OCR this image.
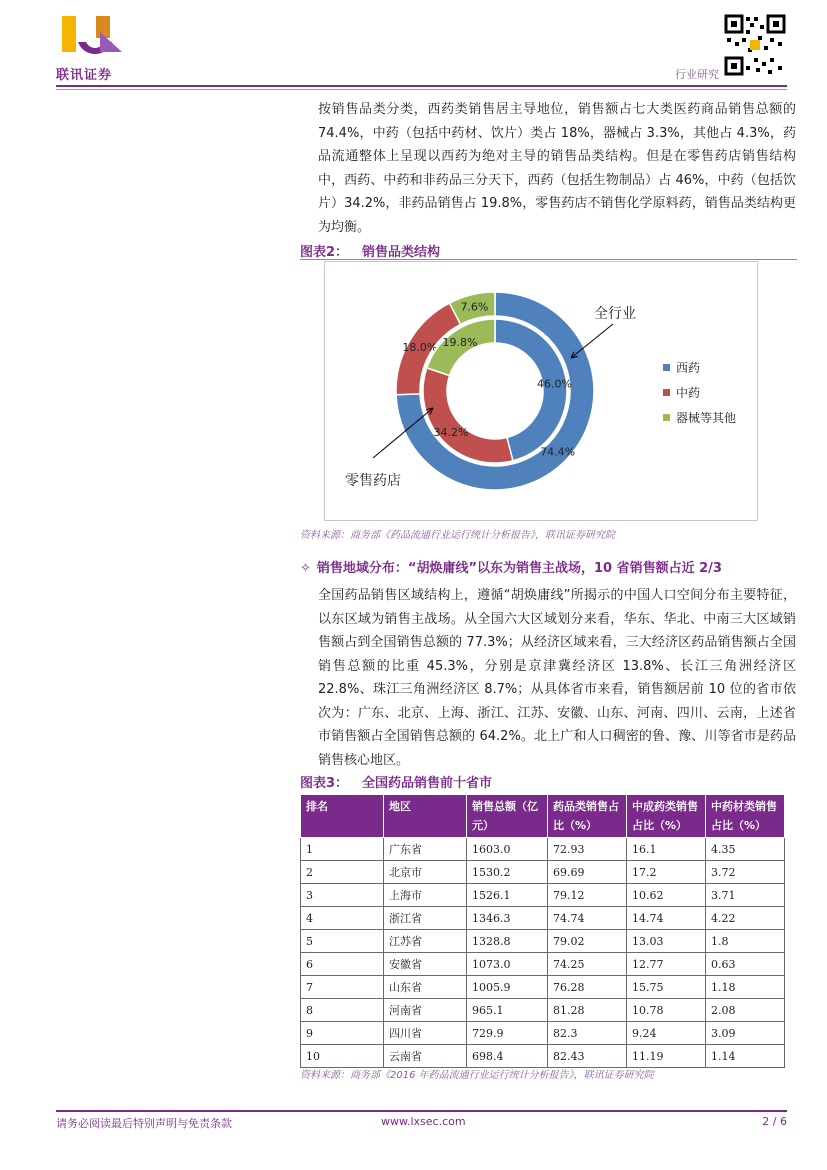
联讯证券	行业研究
按销售品类分类，西药类销售居主导地位，销售额占七大类医药商品销售总额的 74.4%，中药（包括中药材、饮片）类占 18%，器械占 3.3%，其他占 4.3%，药品流通整体上呈现以西药为绝对主导的销售品类结构。但是在零售药店销售结构中，西药、中药和非药品三分天下，西药（包括生物制品）占 46%，中药（包括饮片）34.2%，非药品销售占 19.8%，零售药店不销售化学原料药，销售品类结构更为均衡。
图表2： 销售品类结构
74.4%
18.0%
7.6%
46.0%
34.2%
19.8%
全行业
零售药店
西药
中药
器械等其他
资料来源：商务部《药品流通行业运行统计分析报告》，联讯证券研究院
✧ 销售地域分布：“胡焕庸线”以东为销售主战场，10 省销售额占近 2/3
全国药品销售区域结构上，遵循“胡焕庸线”所揭示的中国人口空间分布主要特征，以东区域为销售主战场。从全国六大区域划分来看，华东、华北、中南三大区域销售额占到全国销售总额的 77.3%；从经济区域来看，三大经济区药品销售额占全国销售总额的比重 45.3%，分别是京津冀经济区 13.8%、长江三角洲经济区 22.8%、珠江三角洲经济区 8.7%；从具体省市来看，销售额居前 10 位的省市依次为：广东、北京、上海、浙江、江苏、安徽、山东、河南、四川、云南，上述省市销售额占全国销售总额的 64.2%。北上广和人口稠密的鲁、豫、川等省市是药品销售核心地区。
图表3： 全国药品销售前十省市
排名	地区	销售总额（亿元）	药品类销售占比（%）	中成药类销售占比（%）	中药材类销售占比（%）
1	广东省	1603.0	72.93	16.1	4.35
2	北京市	1530.2	69.69	17.2	3.72
3	上海市	1526.1	79.12	10.62	3.71
4	浙江省	1346.3	74.74	14.74	4.22
5	江苏省	1328.8	79.02	13.03	1.8
6	安徽省	1073.0	74.25	12.77	0.63
7	山东省	1005.9	76.28	15.75	1.18
8	河南省	965.1	81.28	10.78	2.08
9	四川省	729.9	82.3	9.24	3.09
10	云南省	698.4	82.43	11.19	1.14
资料来源：商务部《2016 年药品流通行业运行统计分析报告》，联讯证券研究院
请务必阅读最后特别声明与免责条款	www.lxsec.com	2 / 6
